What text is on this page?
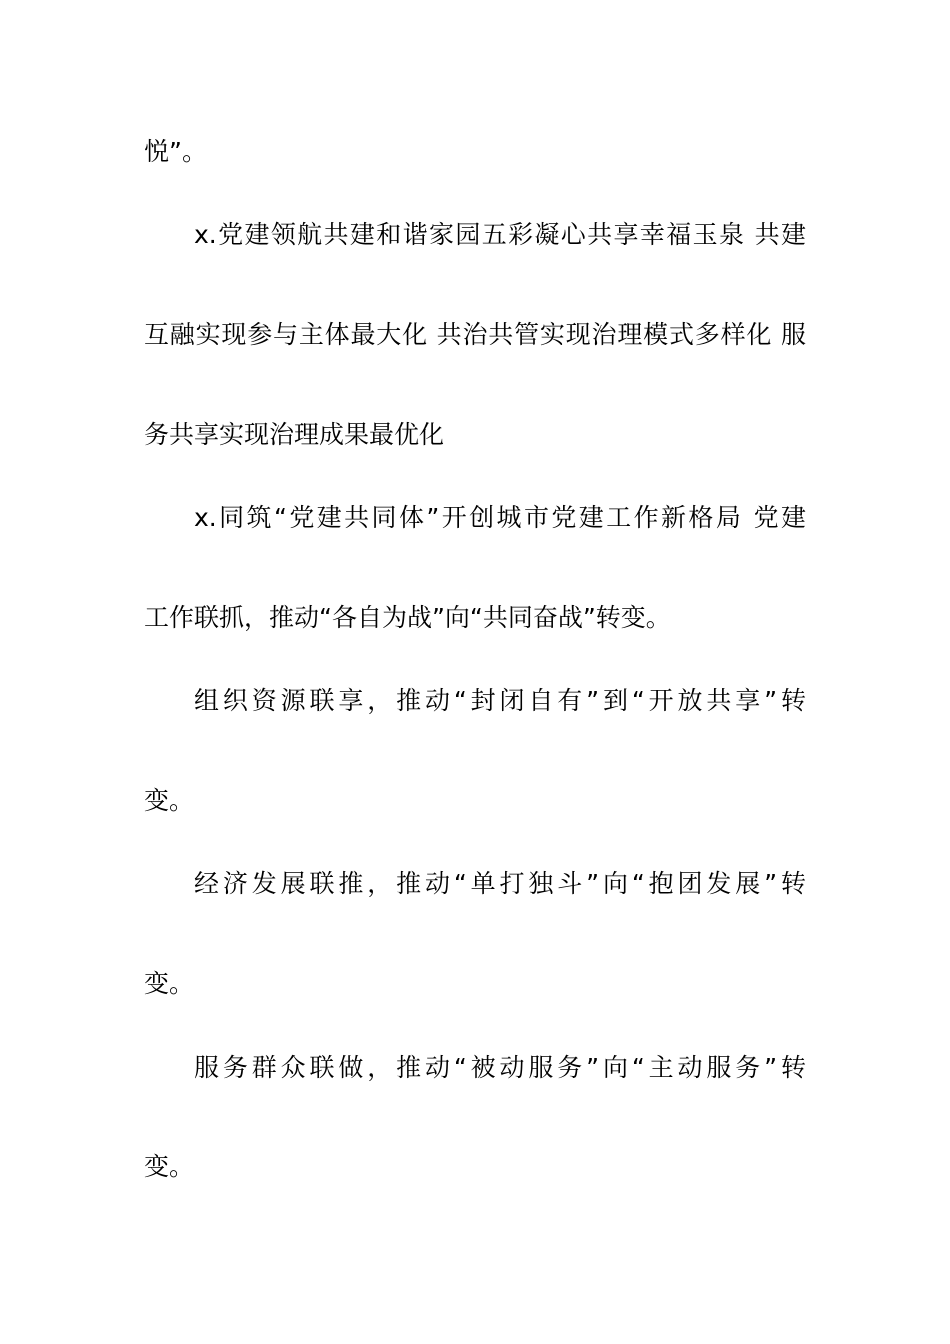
悦”。
x.党建领航共建和谐家园五彩凝心共享幸福玉泉 共建
互融实现参与主体最大化 共治共管实现治理模式多样化 服
务共享实现治理成果最优化
x.同筑“党建共同体”开创城市党建工作新格局 党建
工作联抓，推动“各自为战”向“共同奋战”转变。
组织资源联享，推动“封闭自有”到“开放共享”转
变。
经济发展联推，推动“单打独斗”向“抱团发展”转
变。
服务群众联做，推动“被动服务”向“主动服务”转
变。
